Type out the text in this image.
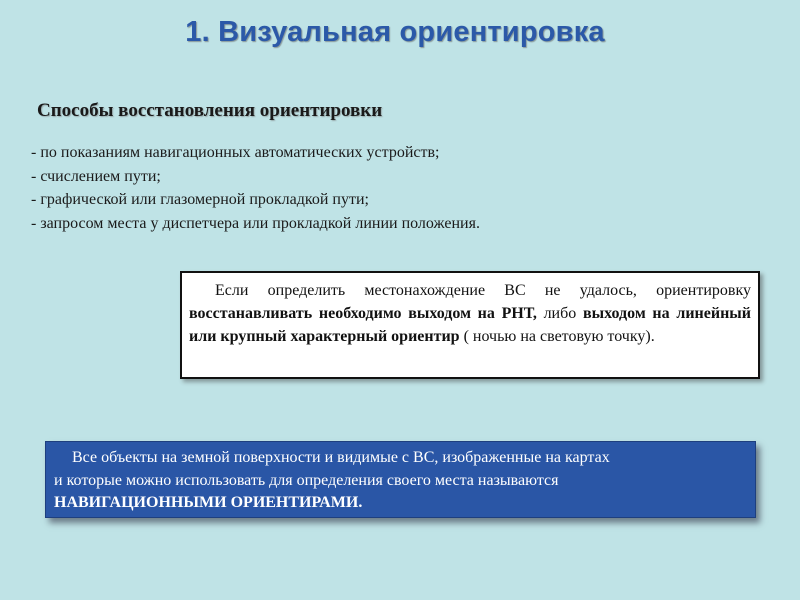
1. Визуальная ориентировка
Способы восстановления ориентировки
- по показаниям навигационных автоматических устройств;
- счислением пути;
- графической или глазомерной прокладкой пути;
- запросом места у диспетчера или прокладкой линии положения.
Если определить местонахождение ВС не удалось, ориентировку восстанавливать необходимо выходом на РНТ, либо выходом на линейный или крупный характерный ориентир ( ночью на световую точку).
Все объекты на земной поверхности и видимые с ВС, изображенные на картах
и которые можно использовать для определения своего места называются
НАВИГАЦИОННЫМИ ОРИЕНТИРАМИ.
